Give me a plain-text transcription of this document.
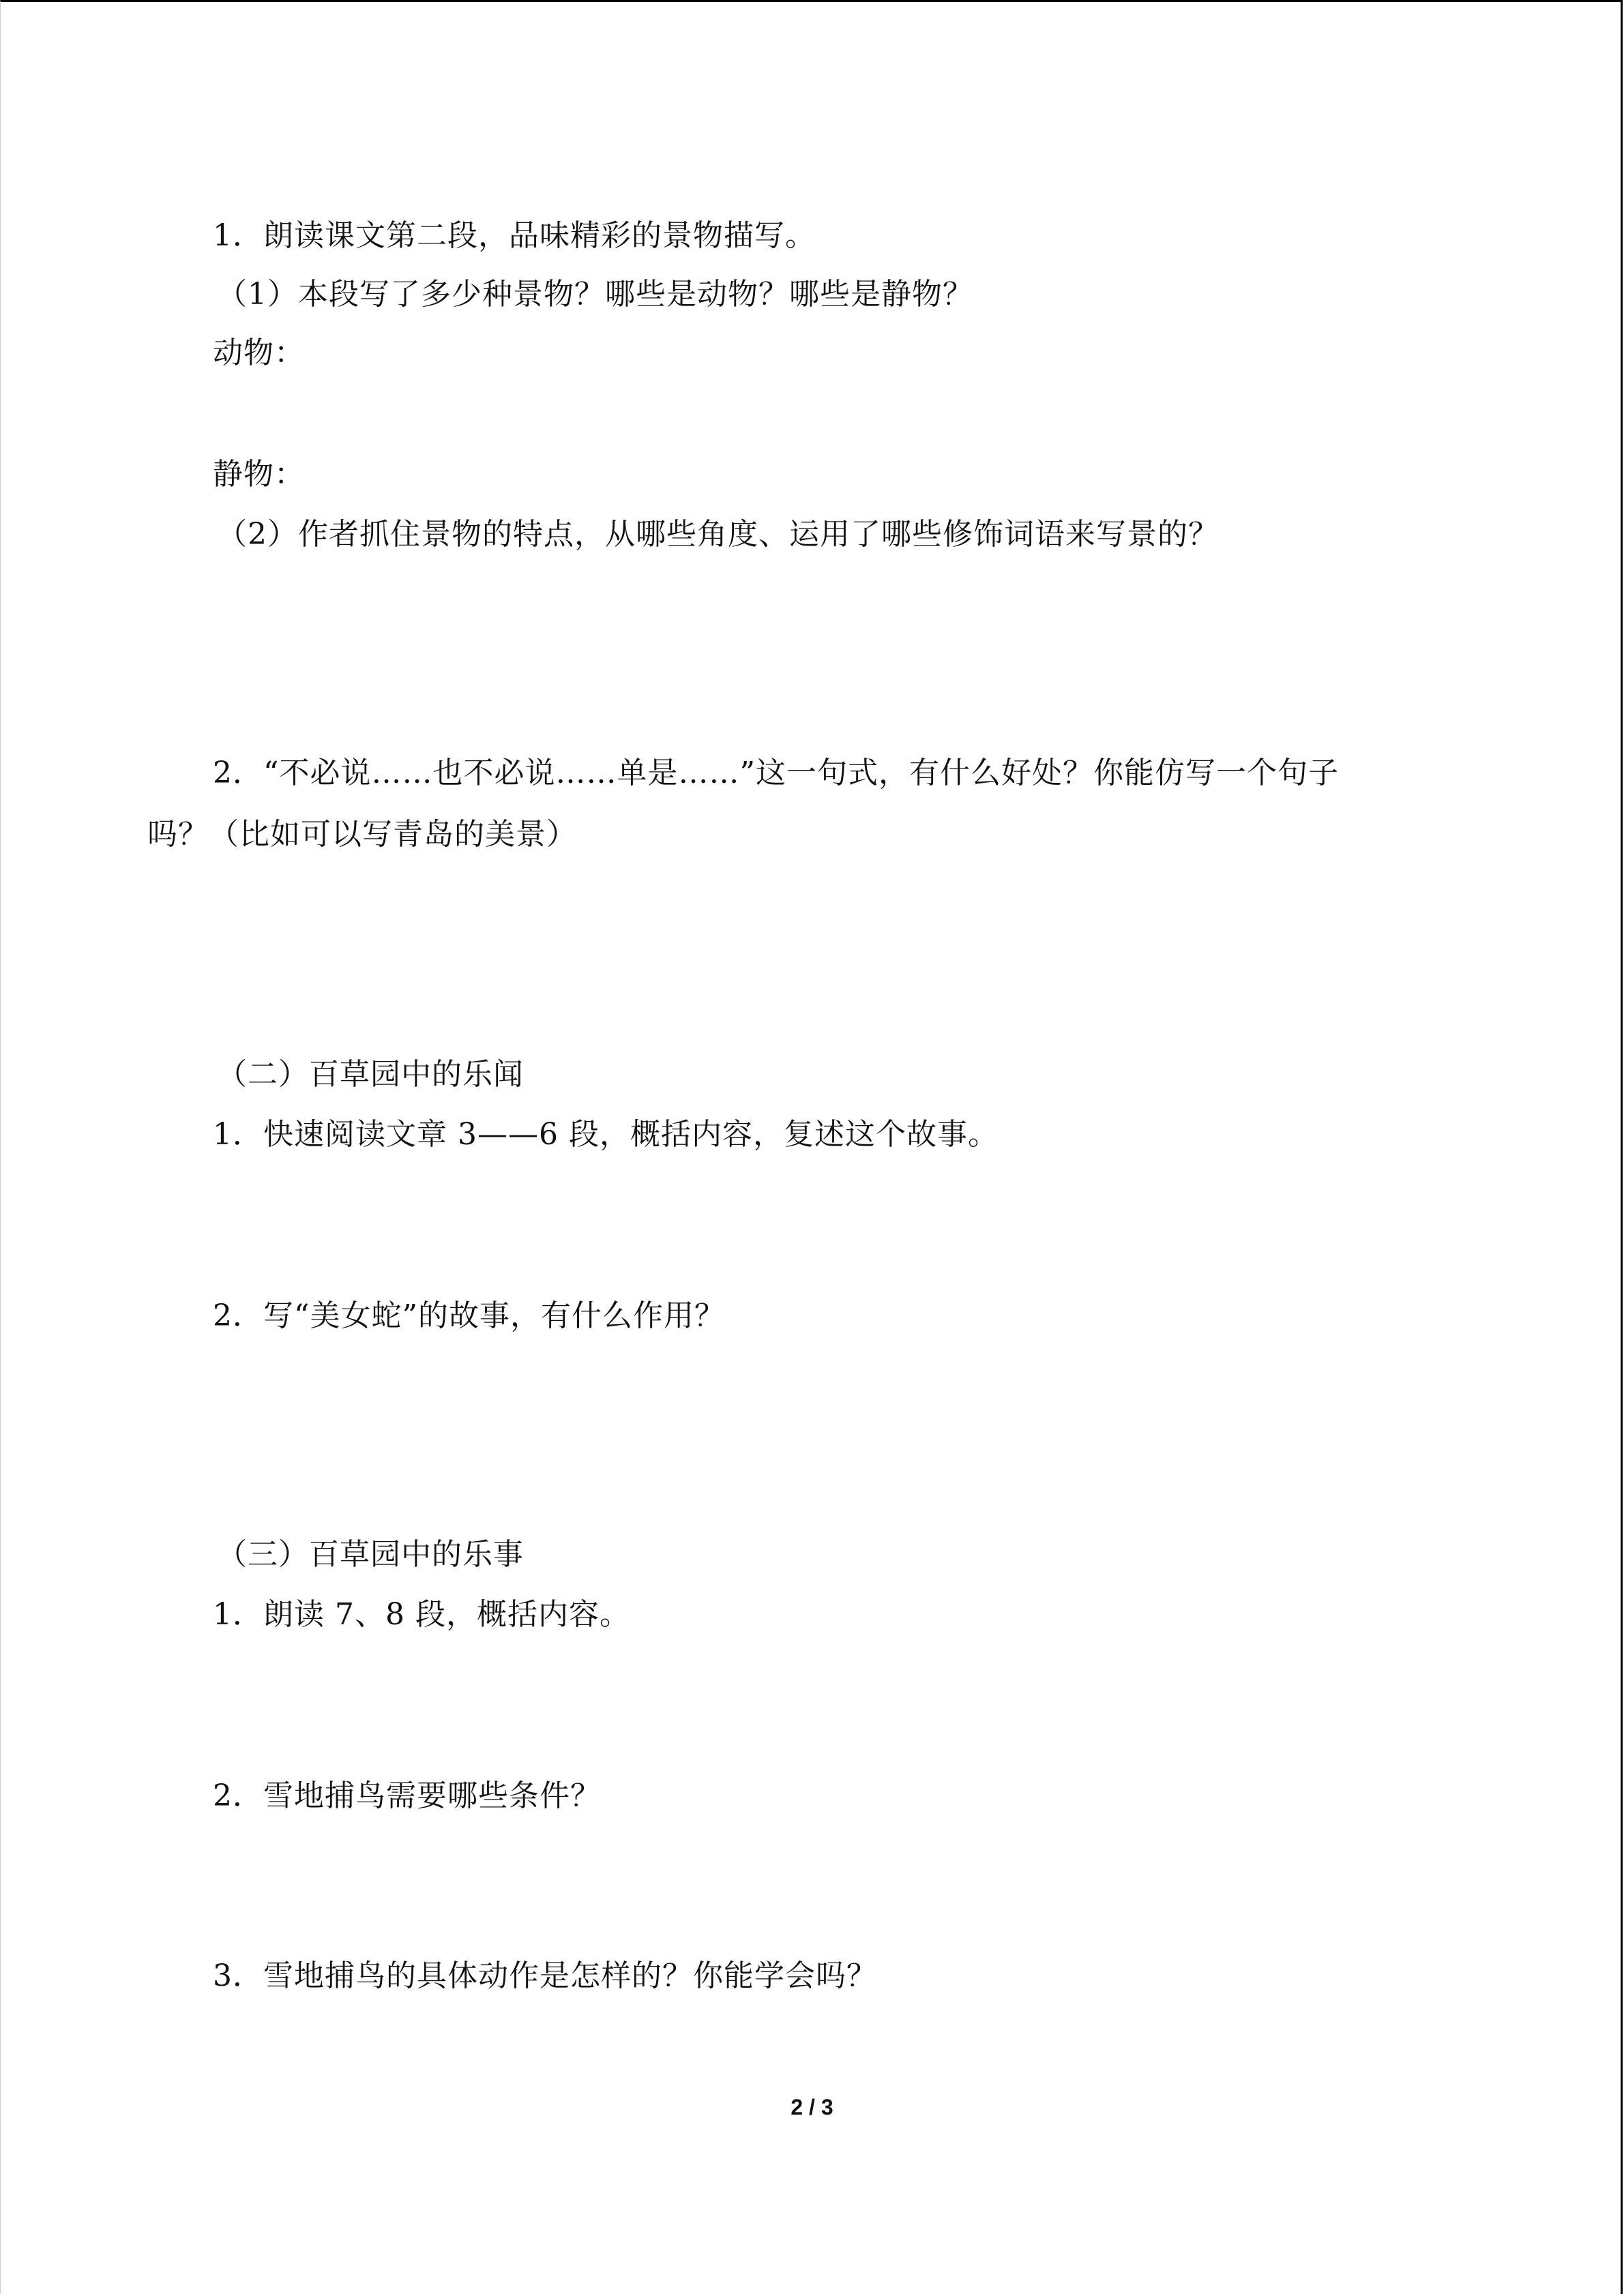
1．朗读课文第二段，品味精彩的景物描写。
（1）本段写了多少种景物？哪些是动物？哪些是静物？
动物：
静物：
（2）作者抓住景物的特点，从哪些角度、运用了哪些修饰词语来写景的？
2．“不必说……也不必说……单是……”这一句式，有什么好处？你能仿写一个句子
吗？（比如可以写青岛的美景）
（二）百草园中的乐闻
1．快速阅读文章 3——6 段，概括内容，复述这个故事。
2．写“美女蛇”的故事，有什么作用？
（三）百草园中的乐事
1．朗读 7、8 段，概括内容。
2．雪地捕鸟需要哪些条件？
3．雪地捕鸟的具体动作是怎样的？你能学会吗？
2 / 3
